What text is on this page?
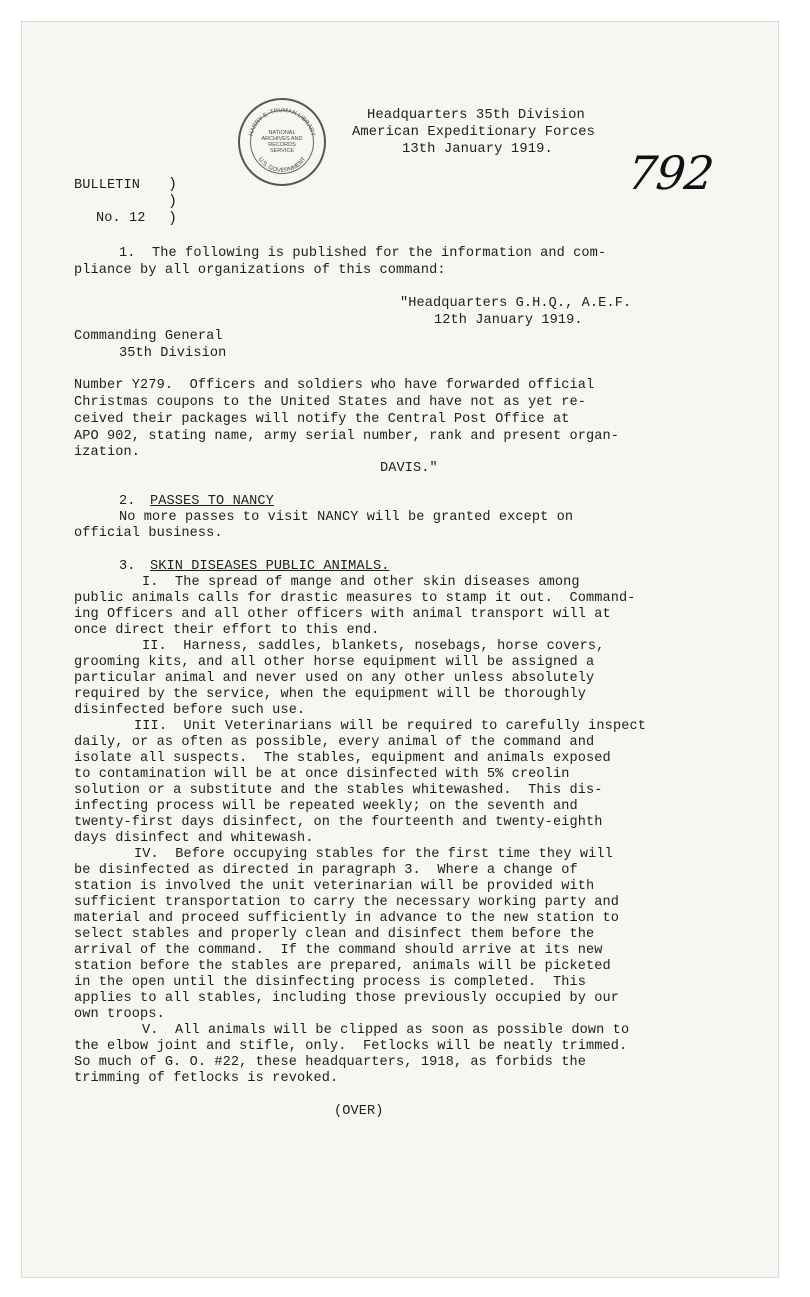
Headquarters 35th Division
American Expeditionary Forces
13th January 1919.
HARRY S. TRUMAN LIBRARY
U.S. GOVERNMENT
NATIONAL
ARCHIVES AND
RECORDS
SERVICE	792
BULLETIN
No. 12
)
)
)
1.  The following is published for the information and com-
pliance by all organizations of this command:
"Headquarters G.H.Q., A.E.F.
12th January 1919.
Commanding General
35th Division
Number Y279.  Officers and soldiers who have forwarded official
Christmas coupons to the United States and have not as yet re-
ceived their packages will notify the Central Post Office at
APO 902, stating name, army serial number, rank and present organ-
ization.
DAVIS."
2. PASSES TO NANCY
No more passes to visit NANCY will be granted except on
official business.
3. SKIN DISEASES PUBLIC ANIMALS.
I.  The spread of mange and other skin diseases among
public animals calls for drastic measures to stamp it out.  Command-
ing Officers and all other officers with animal transport will at
once direct their effort to this end.
II.  Harness, saddles, blankets, nosebags, horse covers,
grooming kits, and all other horse equipment will be assigned a
particular animal and never used on any other unless absolutely
required by the service, when the equipment will be thoroughly
disinfected before such use.
III.  Unit Veterinarians will be required to carefully inspect
daily, or as often as possible, every animal of the command and
isolate all suspects.  The stables, equipment and animals exposed
to contamination will be at once disinfected with 5% creolin
solution or a substitute and the stables whitewashed.  This dis-
infecting process will be repeated weekly; on the seventh and
twenty-first days disinfect, on the fourteenth and twenty-eighth
days disinfect and whitewash.
IV.  Before occupying stables for the first time they will
be disinfected as directed in paragraph 3.  Where a change of
station is involved the unit veterinarian will be provided with
sufficient transportation to carry the necessary working party and
material and proceed sufficiently in advance to the new station to
select stables and properly clean and disinfect them before the
arrival of the command.  If the command should arrive at its new
station before the stables are prepared, animals will be picketed
in the open until the disinfecting process is completed.  This
applies to all stables, including those previously occupied by our
own troops.
V.  All animals will be clipped as soon as possible down to
the elbow joint and stifle, only.  Fetlocks will be neatly trimmed.
So much of G. O. #22, these headquarters, 1918, as forbids the
trimming of fetlocks is revoked.
(OVER)
